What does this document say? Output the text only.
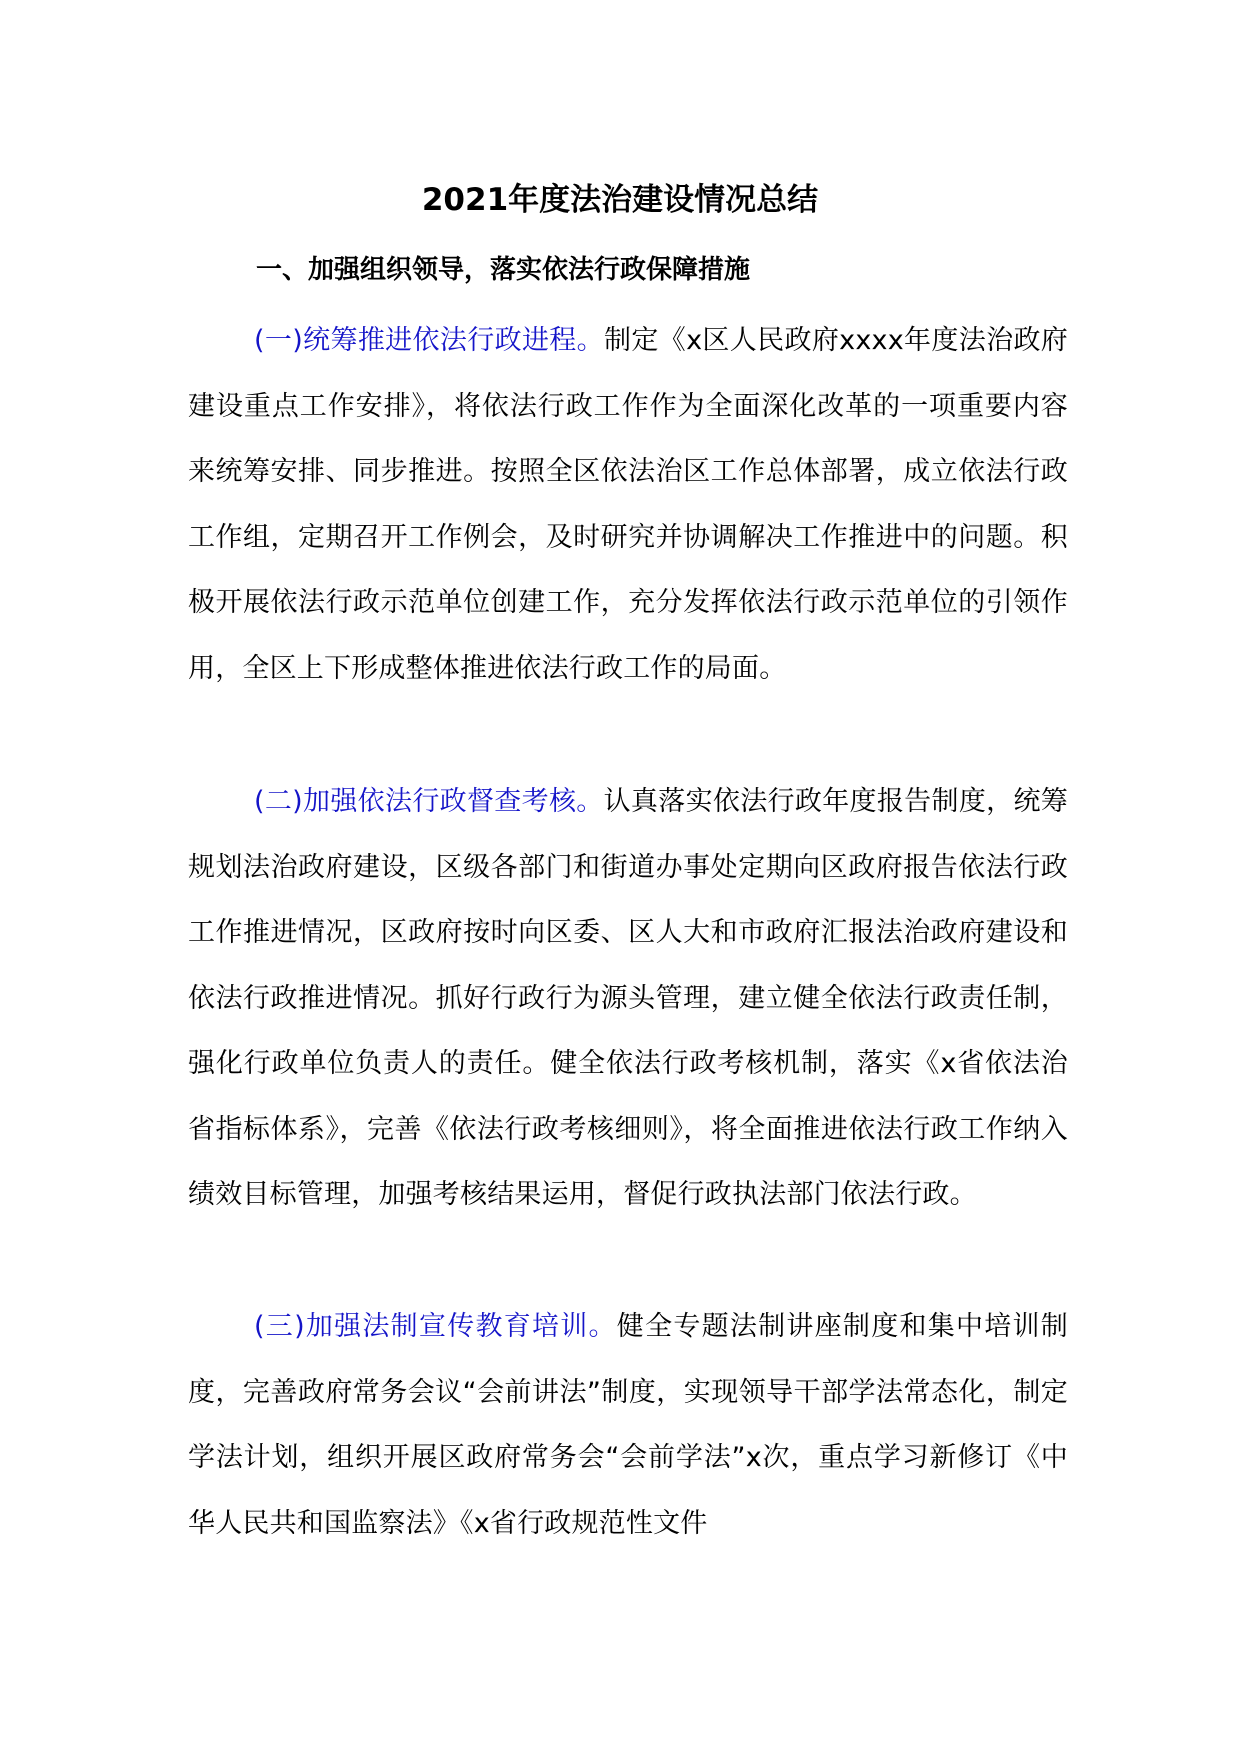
2021年度法治建设情况总结
一、加强组织领导，落实依法行政保障措施

(一)统筹推进依法行政进程。制定《x区人民政府xxxx年度法治政府建设重点工作安排》，将依法行政工作作为全面深化改革的一项重要内容来统筹安排、同步推进。按照全区依法治区工作总体部署，成立依法行政工作组，定期召开工作例会，及时研究并协调解决工作推进中的问题。积极开展依法行政示范单位创建工作，充分发挥依法行政示范单位的引领作用，全区上下形成整体推进依法行政工作的局面。

(二)加强依法行政督查考核。认真落实依法行政年度报告制度，统筹规划法治政府建设，区级各部门和街道办事处定期向区政府报告依法行政工作推进情况，区政府按时向区委、区人大和市政府汇报法治政府建设和依法行政推进情况。抓好行政行为源头管理，建立健全依法行政责任制，强化行政单位负责人的责任。健全依法行政考核机制，落实《x省依法治省指标体系》，完善《依法行政考核细则》，将全面推进依法行政工作纳入绩效目标管理，加强考核结果运用，督促行政执法部门依法行政。

(三)加强法制宣传教育培训。健全专题法制讲座制度和集中培训制度，完善政府常务会议“会前讲法”制度，实现领导干部学法常态化，制定学法计划，组织开展区政府常务会“会前学法”x次，重点学习新修订《中华人民共和国监察法》《x省行政规范性文件
